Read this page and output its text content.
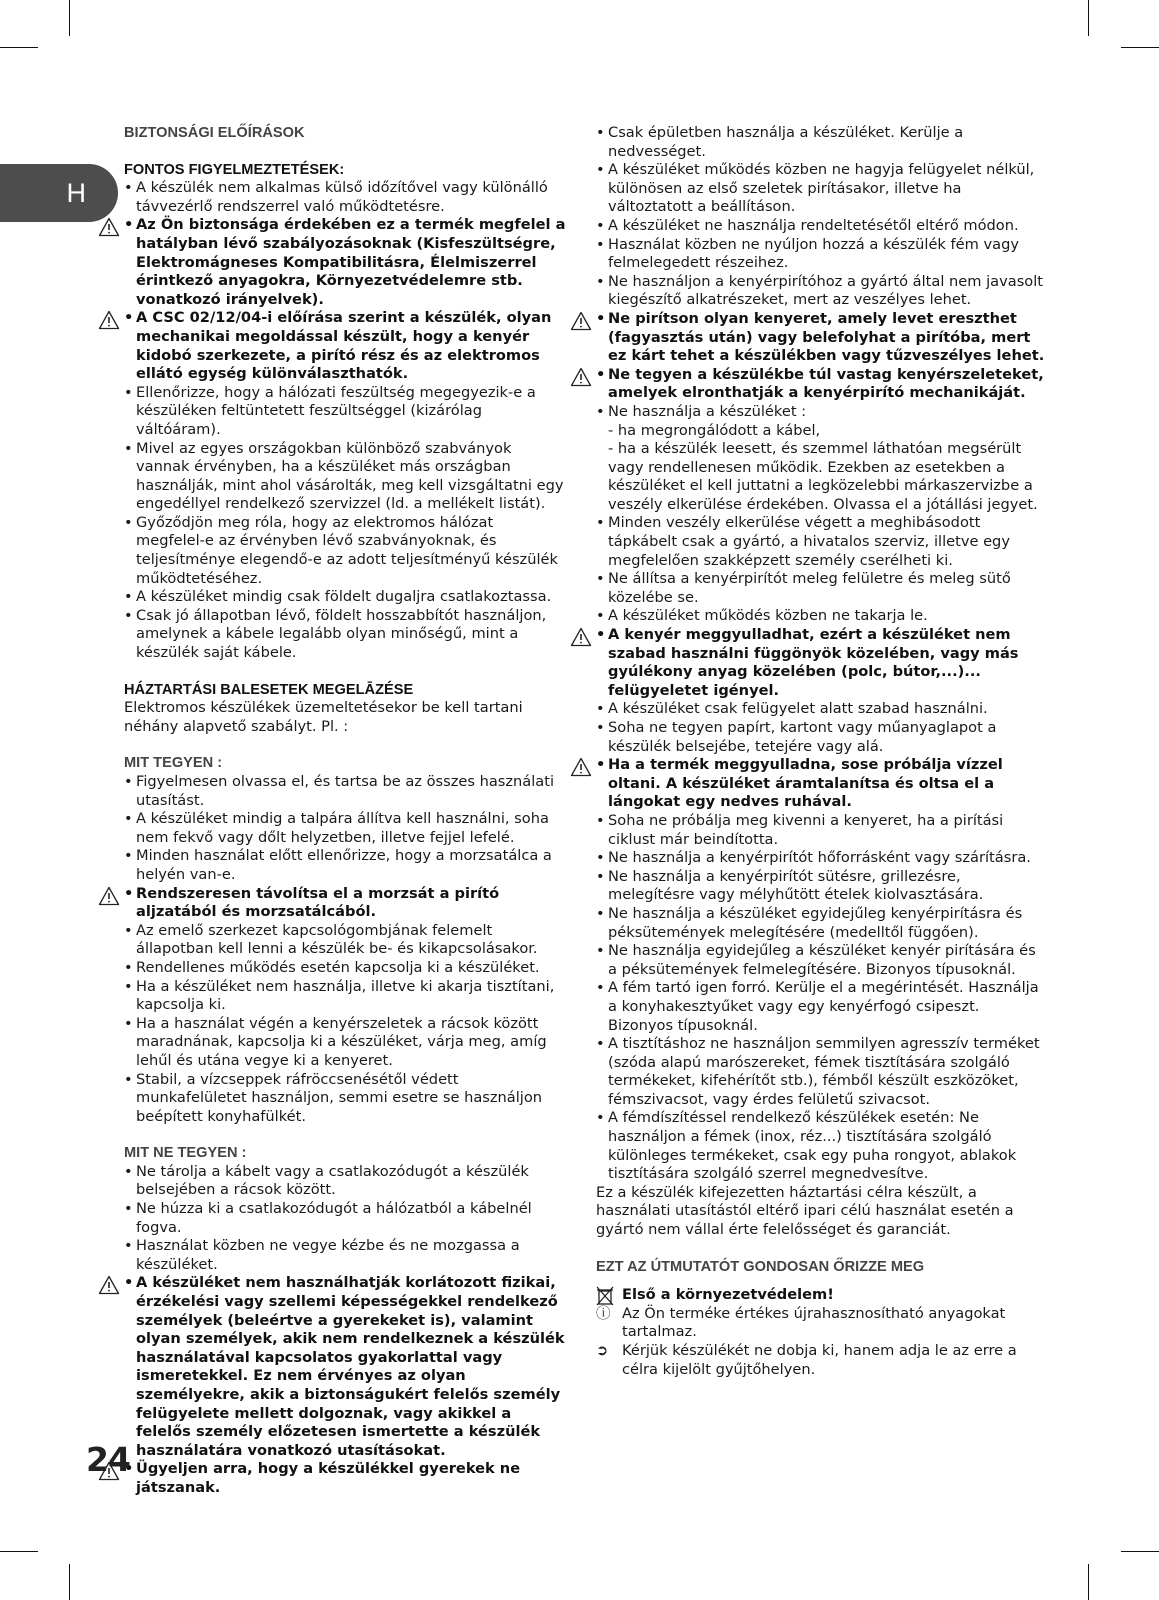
H

BIZTONSÁGI ELŐÍRÁSOK

FONTOS FIGYELMEZTETÉSEK:

• A készülék nem alkalmas külső időzítővel vagy különálló távvezérlő rendszerrel való működtetésre.
• Az Ön biztonsága érdekében ez a termék megfelel a hatályban lévő szabályozásoknak (Kisfeszültségre, Elektromágneses Kompatibilitásra, Élelmiszerrel érintkező anyagokra, Környezetvédelemre stb. vonatkozó irányelvek).
• A CSC 02/12/04-i előírása szerint a készülék, olyan mechanikai megoldással készült, hogy a kenyér kidobó szerkezete, a pirító rész és az elektromos ellátó egység különválaszthatók.
• Ellenőrizze, hogy a hálózati feszültség megegyezik-e a készüléken feltüntetett feszültséggel (kizárólag váltóáram).
• Mivel az egyes országokban különböző szabványok vannak érvényben, ha a készüléket más országban használják, mint ahol vásárolták, meg kell vizsgáltatni egy engedéllyel rendelkező szervizzel (ld. a mellékelt listát).
• Győződjön meg róla, hogy az elektromos hálózat megfelel-e az érvényben lévő szabványoknak, és teljesítménye elegendő-e az adott teljesítményű készülék működtetéséhez.
• A készüléket mindig csak földelt dugaljra csatlakoztassa.
• Csak jó állapotban lévő, földelt hosszabbítót használjon, amelynek a kábele legalább olyan minőségű, mint a készülék saját kábele.

HÁZTARTÁSI BALESETEK MEGELĀZÉSE

Elektromos készülékek üzemeltetésekor be kell tartani néhány alapvető szabályt. Pl. :

MIT TEGYEN :

• Figyelmesen olvassa el, és tartsa be az összes használati utasítást.
• A készüléket mindig a talpára állítva kell használni, soha nem fekvő vagy dőlt helyzetben, illetve fejjel lefelé.
• Minden használat előtt ellenőrizze, hogy a morzsatálca a helyén van-e.
• Rendszeresen távolítsa el a morzsát a pirító aljzatából és morzsatálcából.
• Az emelő szerkezet kapcsológombjának felemelt állapotban kell lenni a készülék be- és kikapcsolásakor.
• Rendellenes működés esetén kapcsolja ki a készüléket.
• Ha a készüléket nem használja, illetve ki akarja tisztítani, kapcsolja ki.
• Ha a használat végén a kenyérszeletek a rácsok között maradnának, kapcsolja ki a készüléket, várja meg, amíg lehűl és utána vegye ki a kenyeret.
• Stabil, a vízcseppek ráfröccsenésétől védett munkafelületet használjon, semmi esetre se használjon beépített konyhafülkét.

MIT NE TEGYEN :

• Ne tárolja a kábelt vagy a csatlakozódugót a készülék belsejében a rácsok között.
• Ne húzza ki a csatlakozódugót a hálózatból a kábelnél fogva.
• Használat közben ne vegye kézbe és ne mozgassa a készüléket.
• A készüléket nem használhatják korlátozott fizikai, érzékelési vagy szellemi képességekkel rendelkező személyek (beleértve a gyerekeket is), valamint olyan személyek, akik nem rendelkeznek a készülék használatával kapcsolatos gyakorlattal vagy ismeretekkel. Ez nem érvényes az olyan személyekre, akik a biztonságukért felelős személy felügyelete mellett dolgoznak, vagy akikkel a felelős személy előzetesen ismertette a készülék használatára vonatkozó utasításokat.
• Ügyeljen arra, hogy a készülékkel gyerekek ne játszanak.
• Csak épületben használja a készüléket. Kerülje a nedvességet.
• A készüléket működés közben ne hagyja felügyelet nélkül, különösen az első szeletek pirításakor, illetve ha változtatott a beállításon.
• A készüléket ne használja rendeltetésétől eltérő módon.
• Használat közben ne nyúljon hozzá a készülék fém vagy felmelegedett részeihez.
• Ne használjon a kenyérpirítóhoz a gyártó által nem javasolt kiegészítő alkatrészeket, mert az veszélyes lehet.
• Ne pirítson olyan kenyeret, amely levet ereszthet (fagyasztás után) vagy belefolyhat a pirítóba, mert ez kárt tehet a készülékben vagy tűzveszélyes lehet.
• Ne tegyen a készülékbe túl vastag kenyérszeleteket, amelyek elronthatják a kenyérpirító mechanikáját.
• Ne használja a készüléket :
- ha megrongálódott a kábel,
- ha a készülék leesett, és szemmel láthatóan megsérült vagy rendellenesen működik. Ezekben az esetekben a készüléket el kell juttatni a legközelebbi márkaszervizbe a veszély elkerülése érdekében. Olvassa el a jótállási jegyet.
• Minden veszély elkerülése végett a meghibásodott tápkábelt csak a gyártó, a hivatalos szerviz, illetve egy megfelelően szakképzett személy cserélheti ki.
• Ne állítsa a kenyérpirítót meleg felületre és meleg sütő közelébe se.
• A készüléket működés közben ne takarja le.
• A kenyér meggyulladhat, ezért a készüléket nem szabad használni függönyök közelében, vagy más gyúlékony anyag közelében (polc, bútor,...)... felügyeletet igényel.
• A készüléket csak felügyelet alatt szabad használni.
• Soha ne tegyen papírt, kartont vagy műanyaglapot a készülék belsejébe, tetejére vagy alá.
• Ha a termék meggyulladna, sose próbálja vízzel oltani. A készüléket áramtalanítsa és oltsa el a lángokat egy nedves ruhával.
• Soha ne próbálja meg kivenni a kenyeret, ha a pirítási ciklust már beindította.
• Ne használja a kenyérpirítót hőforrásként vagy szárításra.
• Ne használja a kenyérpirítót sütésre, grillezésre, melegítésre vagy mélyhűtött ételek kiolvasztására.
• Ne használja a készüléket egyidejűleg kenyérpirításra és péksütemények melegítésére (medelltől függően).
• Ne használja egyidejűleg a készüléket kenyér pirítására és a péksütemények felmelegítésére. Bizonyos típusoknál.
• A fém tartó igen forró. Kerülje el a megérintését. Használja a konyhakesztyűket vagy egy kenyérfogó csipeszt. Bizonyos típusoknál.
• A tisztításhoz ne használjon semmilyen agresszív terméket (szóda alapú marószereket, fémek tisztítására szolgáló termékeket, kifehérítőt stb.), fémből készült eszközöket, fémszivacsot, vagy érdes felületű szivacsot.
• A fémdíszítéssel rendelkező készülékek esetén: Ne használjon a fémek (inox, réz...) tisztítására szolgáló különleges termékeket, csak egy puha rongyot, ablakok tisztítására szolgáló szerrel megnedvesítve.

Ez a készülék kifejezetten háztartási célra készült, a használati utasítástól eltérő ipari célú használat esetén a gyártó nem vállal érte felelősséget és garanciát.

EZT AZ ÚTMUTATÓT GONDOSAN ŐRIZZE MEG

Első a környezetvédelem!
ⓘ Az Ön terméke értékes újrahasznosítható anyagokat tartalmaz.
➲ Kérjük készülékét ne dobja ki, hanem adja le az erre a célra kijelölt gyűjtőhelyen.
24
